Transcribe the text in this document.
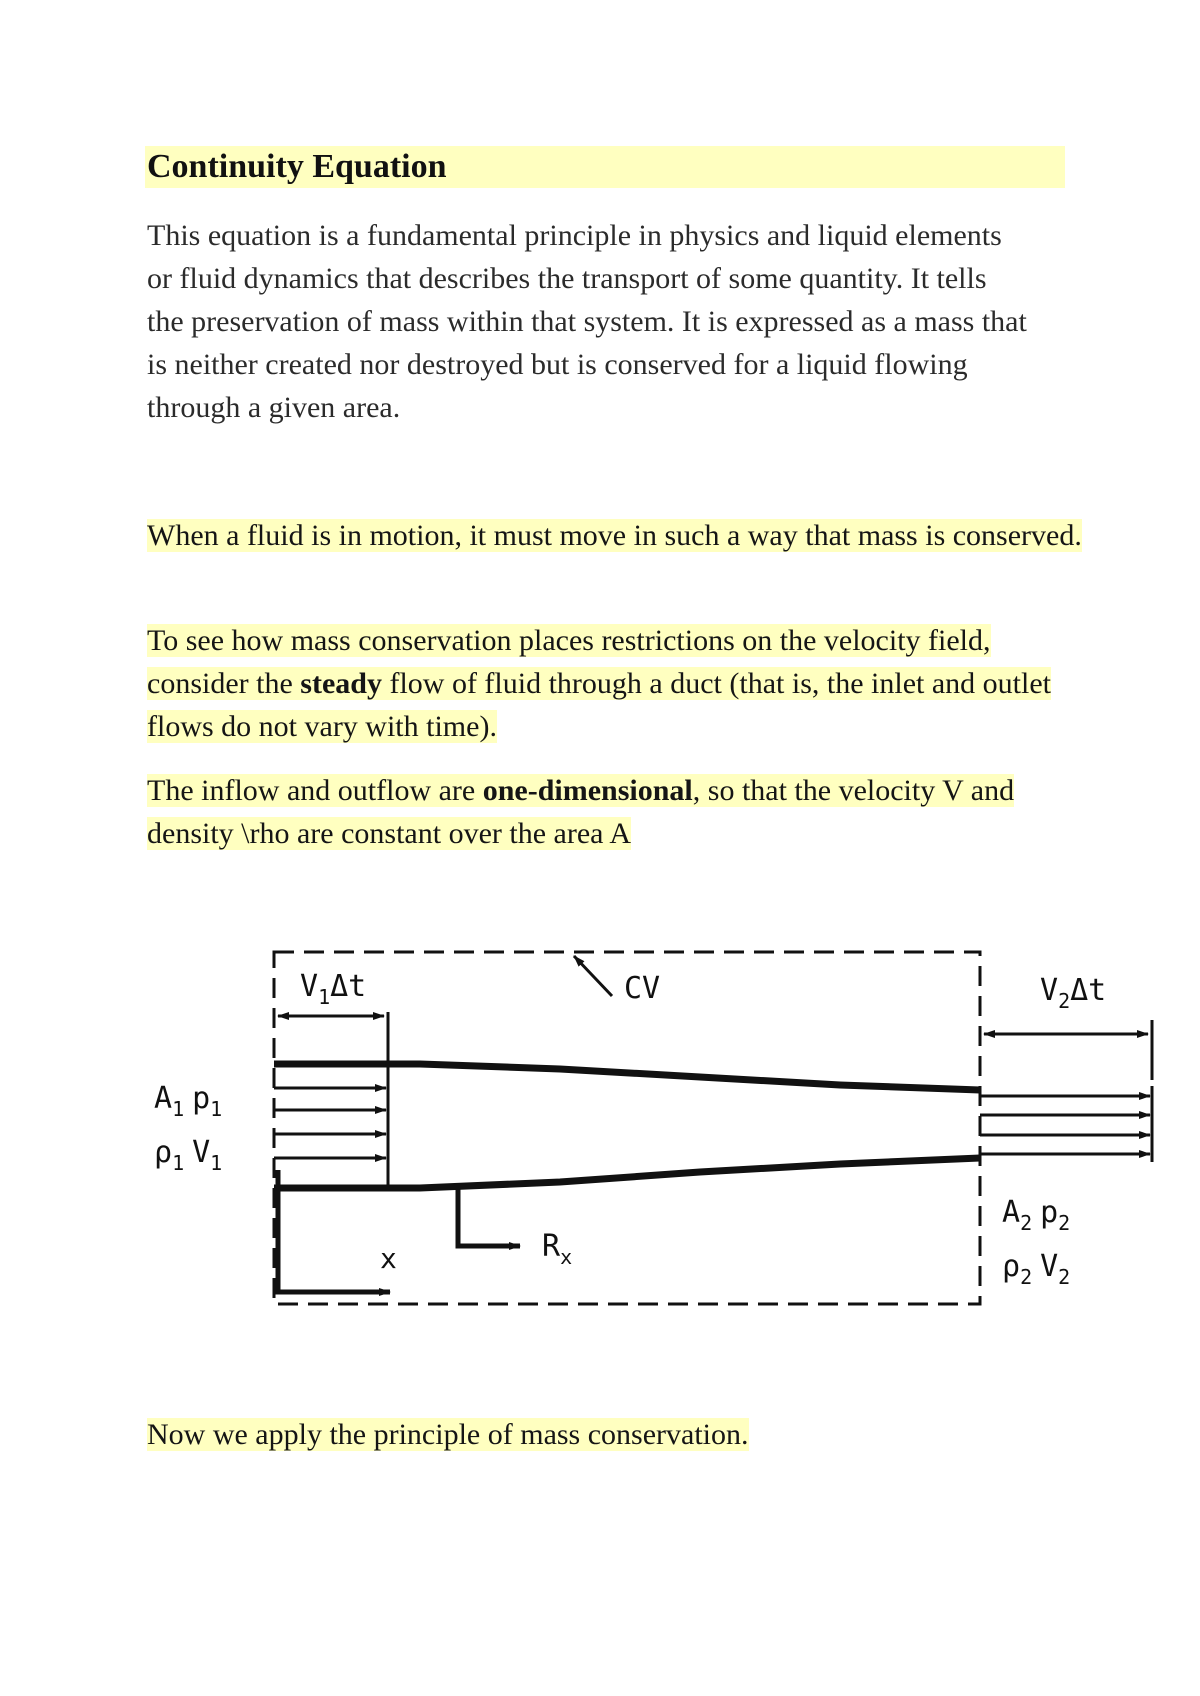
Continuity Equation

This equation is a fundamental principle in physics and liquid elements or fluid dynamics that describes the transport of some quantity. It tells the preservation of mass within that system. It is expressed as a mass that is neither created nor destroyed but is conserved for a liquid flowing through a given area.

When a fluid is in motion, it must move in such a way that mass is conserved.

To see how mass conservation places restrictions on the velocity field, consider the steady flow of fluid through a duct (that is, the inlet and outlet flows do not vary with time).

The inflow and outflow are one-dimensional, so that the velocity V and density \rho are constant over the area A

CV
$V_1\Delta t$	$V_2\Delta t$
$A_1$ $p_1$
$\rho_1$ $V_1$
$A_2$ $p_2$
$\rho_2$ $V_2$
$R_x$
x

Now we apply the principle of mass conservation.
